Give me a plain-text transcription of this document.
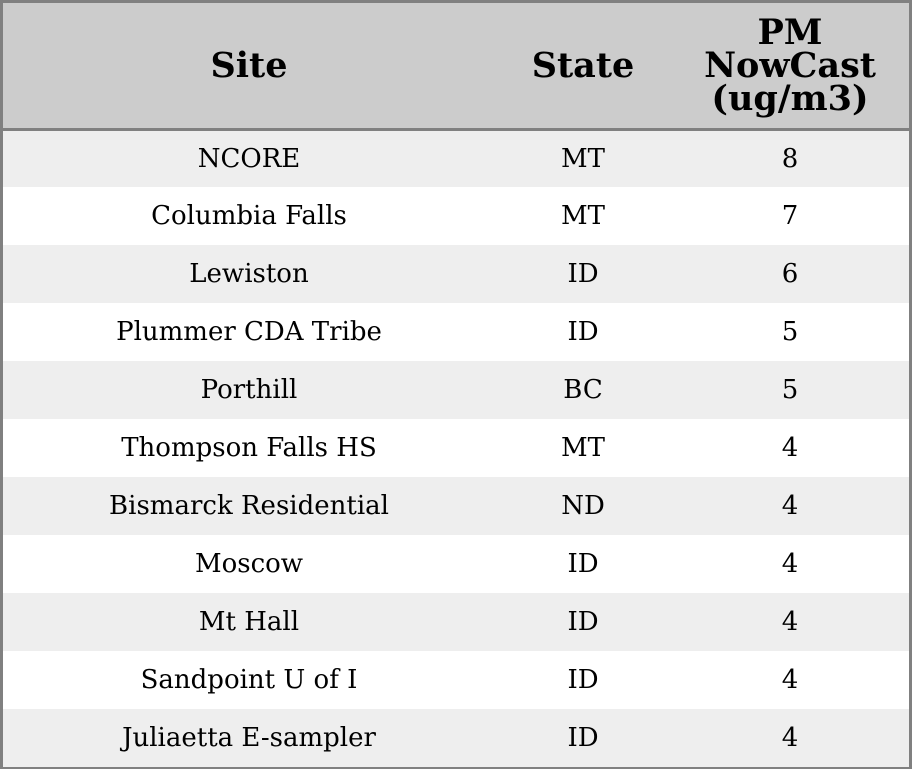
Site	State	PM
NowCast
(ug/m3)
NCORE	MT	8
Columbia Falls	MT	7
Lewiston	ID	6
Plummer CDA Tribe	ID	5
Porthill	BC	5
Thompson Falls HS	MT	4
Bismarck Residential	ND	4
Moscow	ID	4
Mt Hall	ID	4
Sandpoint U of I	ID	4
Juliaetta E-sampler	ID	4
